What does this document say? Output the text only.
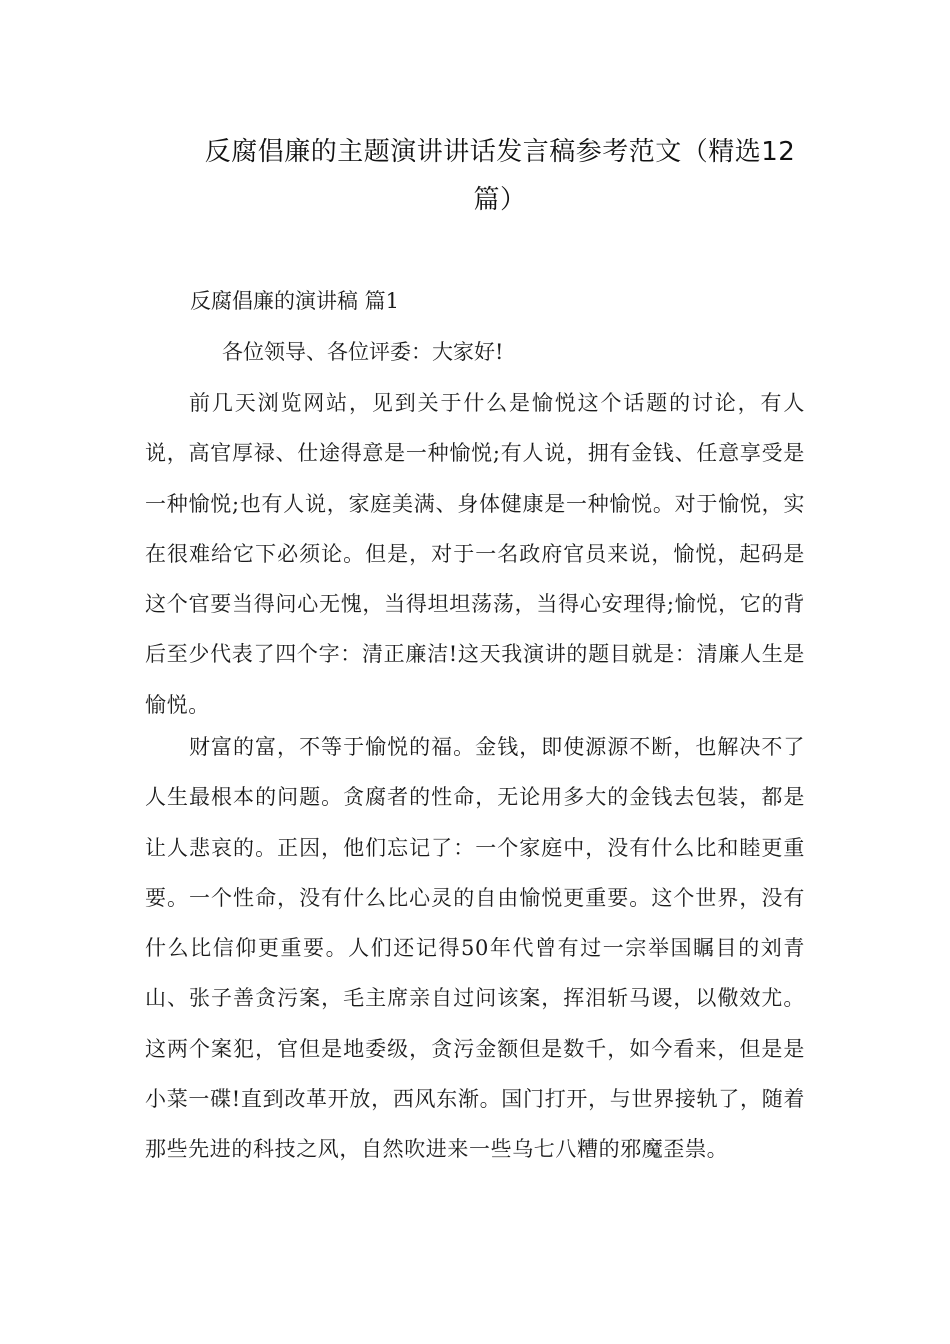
反腐倡廉的主题演讲讲话发言稿参考范文（精选12
篇）
反腐倡廉的演讲稿 篇1
各位领导、各位评委：大家好!

前几天浏览网站，见到关于什么是愉悦这个话题的讨论，有人说，高官厚禄、仕途得意是一种愉悦;有人说，拥有金钱、任意享受是一种愉悦;也有人说，家庭美满、身体健康是一种愉悦。对于愉悦，实在很难给它下必须论。但是，对于一名政府官员来说，愉悦，起码是这个官要当得问心无愧，当得坦坦荡荡，当得心安理得;愉悦，它的背后至少代表了四个字：清正廉洁!这天我演讲的题目就是：清廉人生是愉悦。

财富的富，不等于愉悦的福。金钱，即使源源不断，也解决不了人生最根本的问题。贪腐者的性命，无论用多大的金钱去包装，都是让人悲哀的。正因，他们忘记了：一个家庭中，没有什么比和睦更重要。一个性命，没有什么比心灵的自由愉悦更重要。这个世界，没有什么比信仰更重要。人们还记得50年代曾有过一宗举国瞩目的刘青山、张子善贪污案，毛主席亲自过问该案，挥泪斩马谡，以儆效尤。这两个案犯，官但是地委级，贪污金额但是数千，如今看来，但是是小菜一碟!直到改革开放，西风东渐。国门打开，与世界接轨了，随着那些先进的科技之风，自然吹进来一些乌七八糟的邪魔歪祟。
